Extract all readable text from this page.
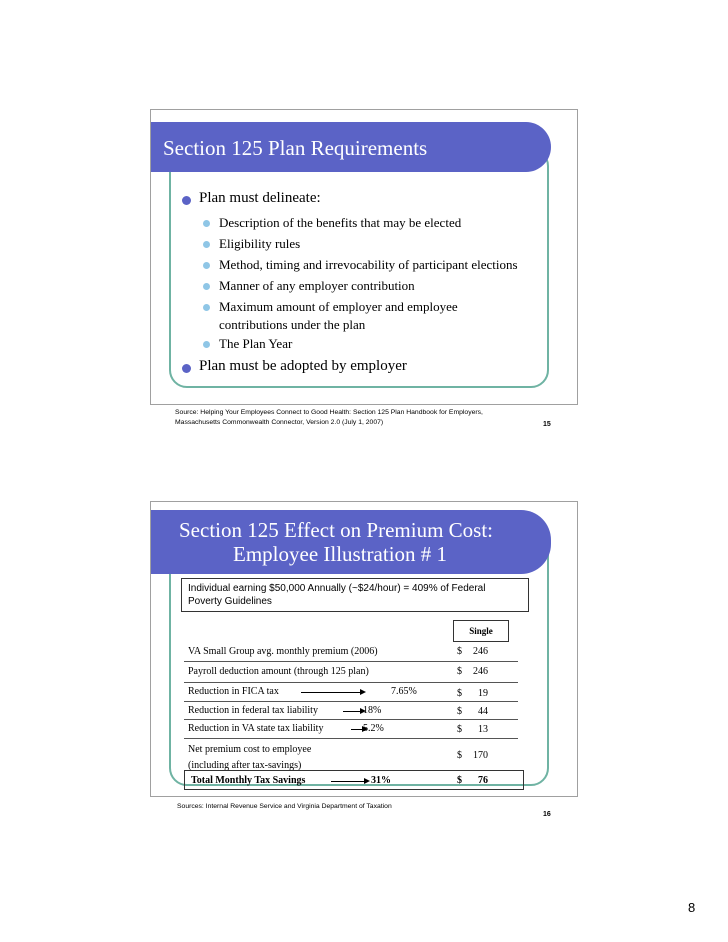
Section 125 Plan Requirements
Plan must delineate:
Description of the benefits that may be elected
Eligibility rules
Method, timing and irrevocability of participant elections
Manner of any employer contribution
Maximum amount of employer and employee
contributions under the plan
The Plan Year
Plan must be adopted by employer
Source: Helping Your Employees Connect to Good Health: Section 125 Plan Handbook for Employers,
Massachusetts Commonwealth Connector, Version 2.0 (July 1, 2007)	15
Section 125 Effect on Premium Cost:
Employee Illustration # 1
Individual earning $50,000 Annually (~$24/hour) = 409% of Federal
Poverty Guidelines
Single
VA Small Group avg. monthly premium (2006)	$ 246
Payroll deduction amount (through 125 plan)	$ 246
Reduction in FICA tax	7.65%	$ 19
Reduction in federal tax liability	18%	$ 44
Reduction in VA state tax liability	5.2%	$ 13
Net premium cost to employee
(including after tax-savings)
$ 170
Total Monthly Tax Savings	31%	$ 76
Sources: Internal Revenue Service and Virginia Department of Taxation
16
8
